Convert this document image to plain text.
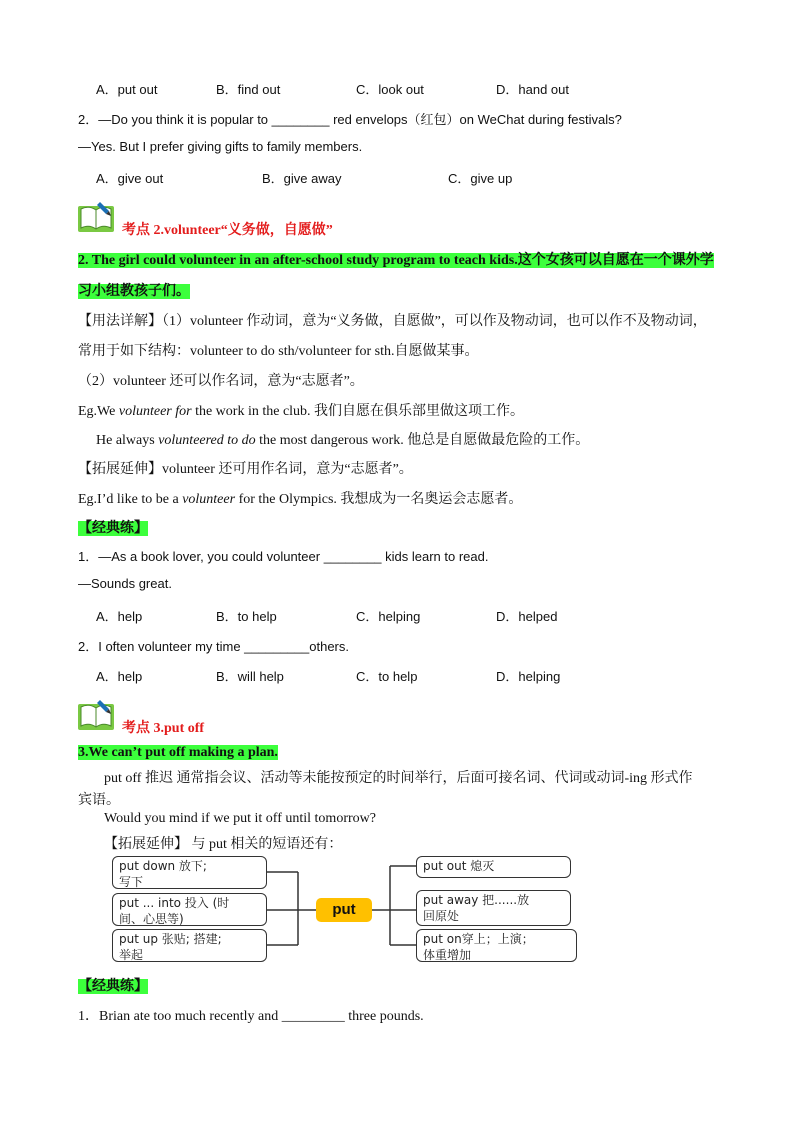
A．put out	B．find out	C．look out	D．hand out
2．—Do you think it is popular to ________ red envelops（红包）on WeChat during festivals?
—Yes. But I prefer giving gifts to family members.
A．give out	B．give away	C．give up
考点 2.volunteer“义务做，自愿做”
2. The girl could volunteer in an after-school study program to teach kids.这个女孩可以自愿在一个课外学
习小组教孩子们。
【用法详解】（1）volunteer 作动词，意为“义务做，自愿做”，可以作及物动词，也可以作不及物动词，
常用于如下结构：volunteer to do sth/volunteer for sth.自愿做某事。
（2）volunteer 还可以作名词，意为“志愿者”。
Eg.We volunteer for the work in the club. 我们自愿在俱乐部里做这项工作。
He always volunteered to do the most dangerous work. 他总是自愿做最危险的工作。
【拓展延伸】volunteer 还可用作名词，意为“志愿者”。
Eg.I’d like to be a volunteer for the Olympics. 我想成为一名奥运会志愿者。
【经典练】
1．—As a book lover, you could volunteer ________ kids learn to read.
—Sounds great.
A．help	B．to help	C．helping	D．helped
2．I often volunteer my time _________others.
A．help	B．will help	C．to help	D．helping
考点 3.put off
3.We can’t put off making a plan.
put off 推迟 通常指会议、活动等未能按预定的时间举行，后面可接名词、代词或动词-ing 形式作
宾语。
Would you mind if we put it off until tomorrow?
【拓展延伸】 与 put 相关的短语还有：
put down 放下;
写下
put ... into 投入 (时
间、心思等)
put up 张贴; 搭建;
举起
put
put out 熄灭
put away 把......放
回原处
put on穿上；上演；
体重增加
【经典练】
1．Brian ate too much recently and _________ three pounds.
